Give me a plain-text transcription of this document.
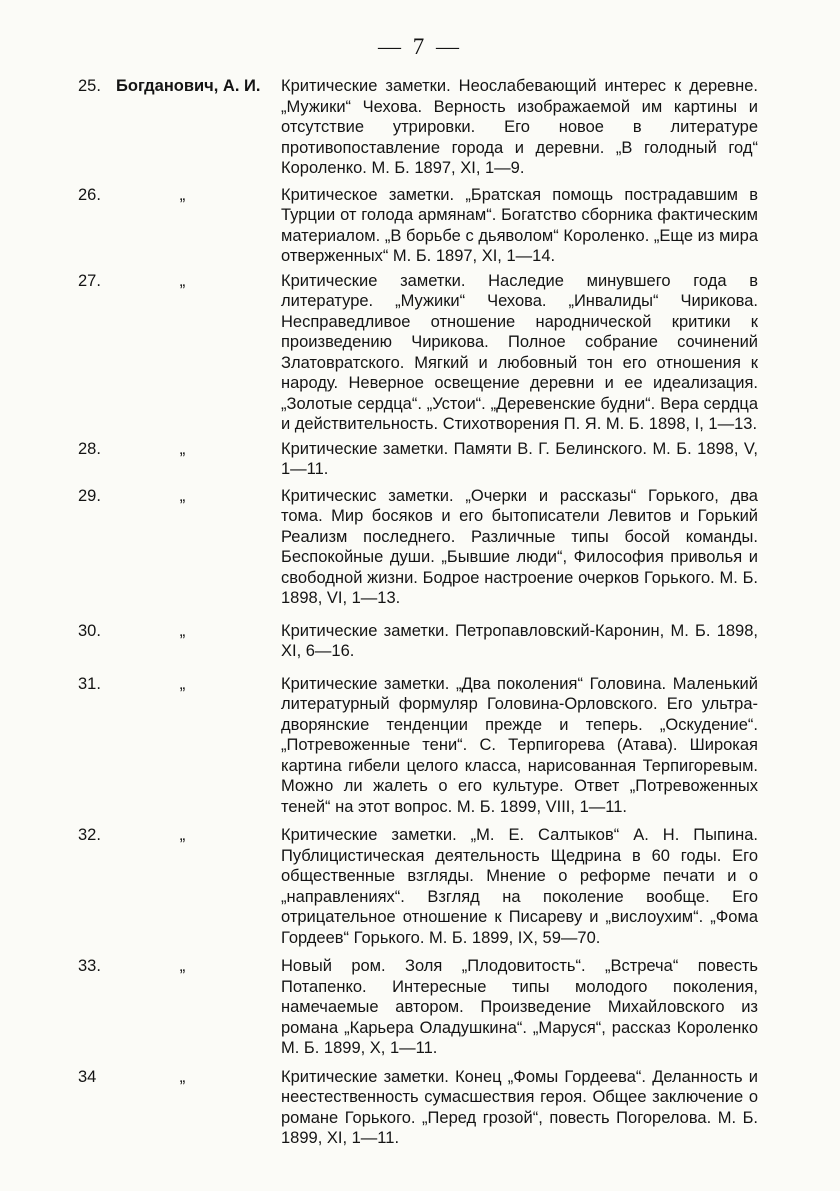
— 7 —
25. Богданович, А. И.	Критические заметки. Неослабевающий интерес к деревне. „Мужики“ Чехова. Верность изображаемой им картины и отсутствие утрировки. Его новое в литературе противопоставление города и деревни. „В голодный год“ Короленко. М. Б. 1897, XI, 1—9.
26.	„	Критическое заметки. „Братская помощь пострадавшим в Турции от голода армянам“. Богатство сборника фактическим материалом. „В борьбе с дьяволом“ Короленко. „Еще из мира отверженных“ М. Б. 1897, XI, 1—14.
27.	„	Критические заметки. Наследие минувшего года в литературе. „Мужики“ Чехова. „Инвалиды“ Чирикова. Несправедливое отношение народнической критики к произведению Чирикова. Полное собрание сочинений Златовратского. Мягкий и любовный тон его отношения к народу. Неверное освещение деревни и ее идеализация. „Золотые сердца“. „Устои“. „Деревенские будни“. Вера сердца и действительность. Стихотворения П. Я. М. Б. 1898, I, 1—13.
28.	„	Критические заметки. Памяти В. Г. Белинского. М. Б. 1898, V, 1—11.
29.	„	Критическис заметки. „Очерки и рассказы“ Горького, два тома. Мир босяков и его бытописатели Левитов и Горький Реализм последнего. Различные типы босой команды. Беспокойные души. „Бывшие люди“, Философия приволья и свободной жизни. Бодрое настроение очерков Горького. М. Б. 1898, VI, 1—13.
30.	„	Критические заметки. Петропавловский-Каронин, М. Б. 1898, XI, 6—16.
31.	„	Критические заметки. „Два поколения“ Головина. Маленький литературный формуляр Головина-Орловского. Его ультра-дворянские тенденции прежде и теперь. „Оскудение“. „Потревоженные тени“. С. Терпигорева (Атава). Широкая картина гибели целого класса, нарисованная Терпигоревым. Можно ли жалеть о его культуре. Ответ „Потревоженных теней“ на этот вопрос. М. Б. 1899, VIII, 1—11.
32.	„	Критические заметки. „М. Е. Салтыков“ А. Н. Пыпина. Публицистическая деятельность Щедрина в 60 годы. Его общественные взгляды. Мнение о реформе печати и о „направлениях“. Взгляд на поколение вообще. Его отрицательное отношение к Писареву и „вислоухим“. „Фома Гордеев“ Горького. М. Б. 1899, IX, 59—70.
33.	„	Новый ром. Золя „Плодовитость“. „Встреча“ повесть Потапенко. Интересные типы молодого поколения, намечаемые автором. Произведение Михайловского из романа „Карьера Оладушкина“. „Маруся“, рассказ Короленко М. Б. 1899, X, 1—11.
34	„	Критические заметки. Конец „Фомы Гордеева“. Деланность и неестественность сумасшествия героя. Общее заключение о романе Горького. „Перед грозой“, повесть Погорелова. М. Б. 1899, XI, 1—11.
